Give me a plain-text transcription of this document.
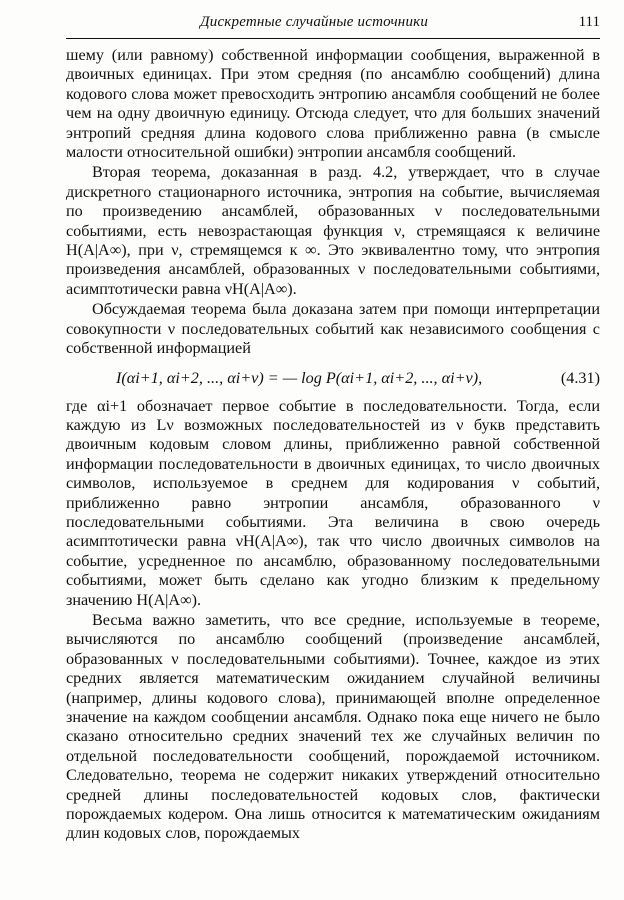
Дискретные случайные источники	111

шему (или равному) собственной информации сообщения, выраженной в двоичных единицах. При этом средняя (по ансамблю сообщений) длина кодового слова может превосходить энтропию ансамбля сообщений не более чем на одну двоичную единицу. Отсюда следует, что для больших значений энтропий средняя длина кодового слова приближенно равна (в смысле малости относительной ошибки) энтропии ансамбля сообщений.

Вторая теорема, доказанная в разд. 4.2, утверждает, что в случае дискретного стационарного источника, энтропия на событие, вычисляемая по произведению ансамблей, образованных ν последовательными событиями, есть невозрастающая функция ν, стремящаяся к величине H(A|A∞), при ν, стремящемся к ∞. Это эквивалентно тому, что энтропия произведения ансамблей, образованных ν последовательными событиями, асимптотически равна νH(A|A∞).

Обсуждаемая теорема была доказана затем при помощи интерпретации совокупности ν последовательных событий как независимого сообщения с собственной информацией

I(αi+1, αi+2, ..., αi+ν) = — log P(αi+1, αi+2, ..., αi+ν),	(4.31)

где αi+1 обозначает первое событие в последовательности. Тогда, если каждую из Lν возможных последовательностей из ν букв представить двоичным кодовым словом длины, приближенно равной собственной информации последовательности в двоичных единицах, то число двоичных символов, используемое в среднем для кодирования ν событий, приближенно равно энтропии ансамбля, образованного ν последовательными событиями. Эта величина в свою очередь асимптотически равна νH(A|A∞), так что число двоичных символов на событие, усредненное по ансамблю, образованному последовательными событиями, может быть сделано как угодно близким к предельному значению H(A|A∞).

Весьма важно заметить, что все средние, используемые в теореме, вычисляются по ансамблю сообщений (произведение ансамблей, образованных ν последовательными событиями). Точнее, каждое из этих средних является математическим ожиданием случайной величины (например, длины кодового слова), принимающей вполне определенное значение на каждом сообщении ансамбля. Однако пока еще ничего не было сказано относительно средних значений тех же случайных величин по отдельной последовательности сообщений, порождаемой источником. Следовательно, теорема не содержит никаких утверждений относительно средней длины последовательностей кодовых слов, фактически порождаемых кодером. Она лишь относится к математическим ожиданиям длин кодовых слов, порождаемых
